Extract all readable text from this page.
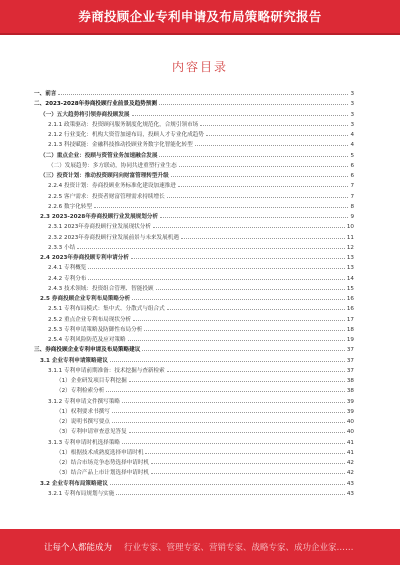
券商投顾企业专利申请及布局策略研究报告
内容目录
一、前言	3
二、2023-2028年券商投顾行业前景及趋势预测	3
（一）五大趋势将引领券商投顾发展	3
2.1.1 政策驱动：投资顾问服务制度化规范化，合规引领市场	3
2.1.2 行业变化：机构大资管加速布局，投顾人才专业化成趋势	4
2.1.3 科技赋能：金融科技推动投顾业务数字化智能化转型	4
（二）重点企业：投顾与资管业务加速融合发展	5
（二）发展趋势：多方联动，协同共进重塑行业生态	6
（三）投资计划：推动投资顾问向财富管理转型升级	6
2.2.4 投资计划：券商投顾业务标准化建设加速推进	7
2.2.5 客户需求：投资者财富管理需求持续增长	7
2.2.6 数字化转型	8
2.3 2023-2028年券商投顾行业发展规划分析	9
2.3.1 2023年券商投顾行业发展现状分析	10
2.3.2 2023年券商投顾行业发展前景与未来发展机遇	11
2.3.3 小结	12
2.4 2023年券商投顾专利申请分析	13
2.4.1 专利概览	13
2.4.2 专利分布	14
2.4.3 技术领域：投资组合管理、智能投顾	15
2.5 券商投顾企业专利布局策略分析	16
2.5.1 专利布局模式：集中式、分散式与组合式	16
2.5.2 重点企业专利布局现状分析	17
2.5.3 专利申请策略及防御性布局分析	18
2.5.4 专利风险防范及应对策略	19
三、券商投顾企业专利申请及布局策略建议	37
3.1 企业专利申请策略建议	37
3.1.1 专利申请前期准备：技术挖掘与查新检索	37
（1）企业研发项目专利挖掘	38
（2）专利检索分析	38
3.1.2 专利申请文件撰写策略	39
（1）权利要求书撰写	39
（2）说明书撰写要点	40
（3）专利申请审查意见答复	40
3.1.3 专利申请时机选择策略	41
（1）根据技术成熟度选择申请时机	41
（2）结合市场竞争态势选择申请时机	42
（3）结合产品上市计划选择申请时机	42
3.2 企业专利布局策略建议	43
3.2.1 专利布局规划与实施	43
让每个人都能成为 行业专家、管理专家、营销专家、战略专家、成功企业家……
